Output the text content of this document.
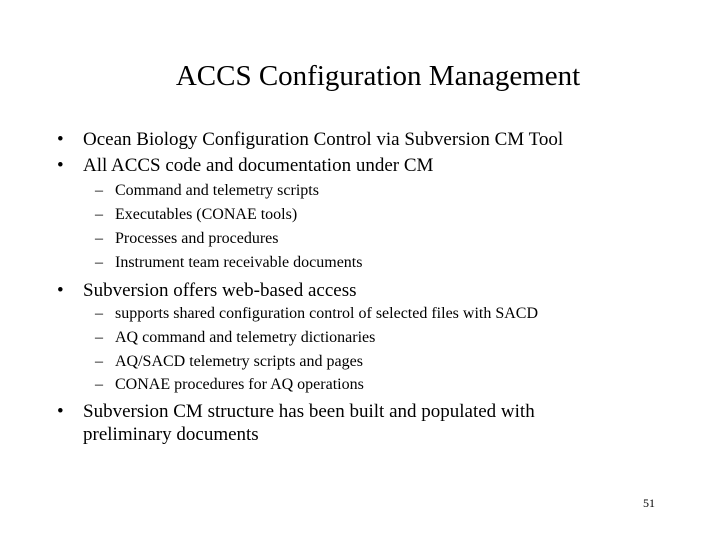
ACCS Configuration Management
• Ocean Biology Configuration Control via Subversion CM Tool
• All ACCS code and documentation under CM
– Command and telemetry scripts
– Executables (CONAE tools)
– Processes and procedures
– Instrument team receivable documents
• Subversion offers web-based access
– supports shared configuration control of selected files with SACD
– AQ command and telemetry dictionaries
– AQ/SACD telemetry scripts and pages
– CONAE procedures for AQ operations
• Subversion CM structure has been built and populated with
preliminary documents
51
